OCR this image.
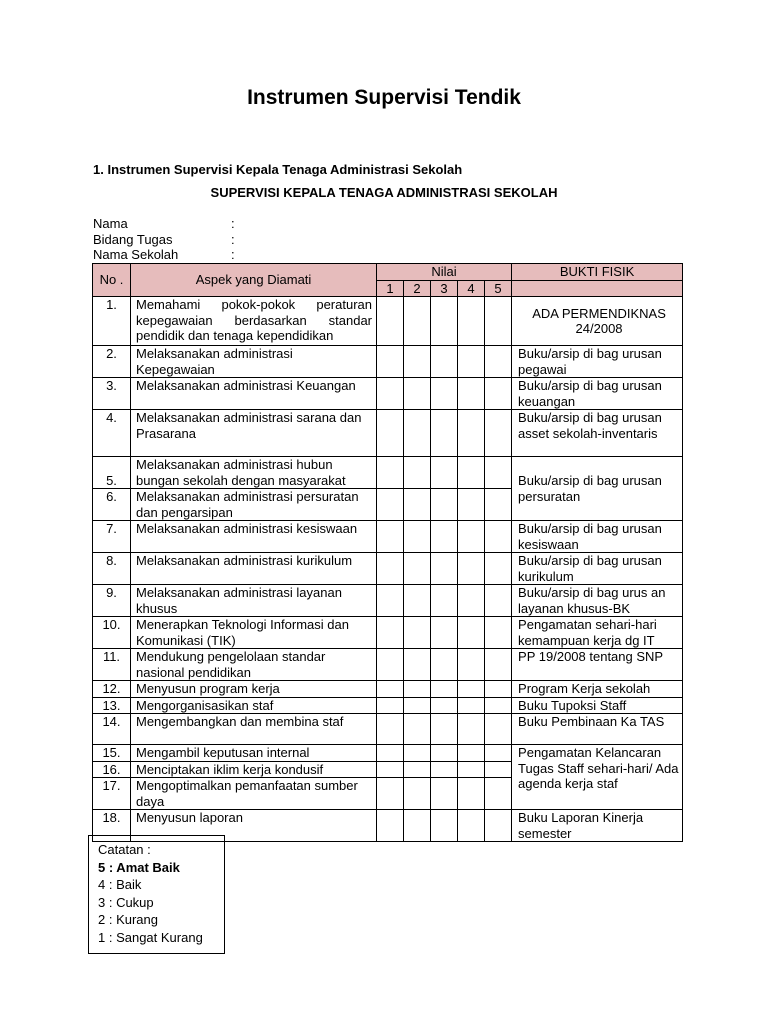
Instrumen Supervisi Tendik
1. Instrumen Supervisi Kepala Tenaga Administrasi Sekolah
SUPERVISI KEPALA TENAGA ADMINISTRASI SEKOLAH
Nama	:
Bidang Tugas	:
Nama Sekolah	:
No .	Aspek yang Diamati	Nilai					BUKTI FISIK
		1	2	3	4	5	
1.	Memahami pokok-pokok peraturan kepegawaian berdasarkan standar pendidik dan tenaga kependidikan						ADA PERMENDIKNAS 24/2008
2.	Melaksanakan administrasi Kepegawaian						Buku/arsip di bag urusan pegawai
3.	Melaksanakan administrasi Keuangan						Buku/arsip di bag urusan keuangan
4.	Melaksanakan administrasi sarana dan Prasarana						Buku/arsip di bag urusan asset sekolah-inventaris
5.	Melaksanakan administrasi hubun bungan sekolah dengan masyarakat						Buku/arsip di bag urusan persuratan
6.	Melaksanakan administrasi persuratan dan pengarsipan						
7.	Melaksanakan administrasi kesiswaan						Buku/arsip di bag urusan kesiswaan
8.	Melaksanakan administrasi kurikulum						Buku/arsip di bag urusan kurikulum
9.	Melaksanakan administrasi layanan khusus						Buku/arsip di bag urus an layanan khusus-BK
10.	Menerapkan Teknologi Informasi dan Komunikasi (TIK)						Pengamatan sehari-hari kemampuan kerja dg IT
11.	Mendukung pengelolaan standar nasional pendidikan						PP 19/2008 tentang SNP
12.	Menyusun program kerja						Program Kerja sekolah
13.	Mengorganisasikan staf						Buku Tupoksi Staff
14.	Mengembangkan dan membina staf						Buku Pembinaan Ka TAS
15.	Mengambil keputusan internal						Pengamatan Kelancaran Tugas Staff sehari-hari/ Ada agenda kerja staf
16.	Menciptakan iklim kerja kondusif						
17.	Mengoptimalkan pemanfaatan sumber daya						
18.	Menyusun laporan						Buku Laporan Kinerja semester
Catatan :
5 : Amat Baik
4 : Baik
3 : Cukup
2 : Kurang
1 : Sangat Kurang
